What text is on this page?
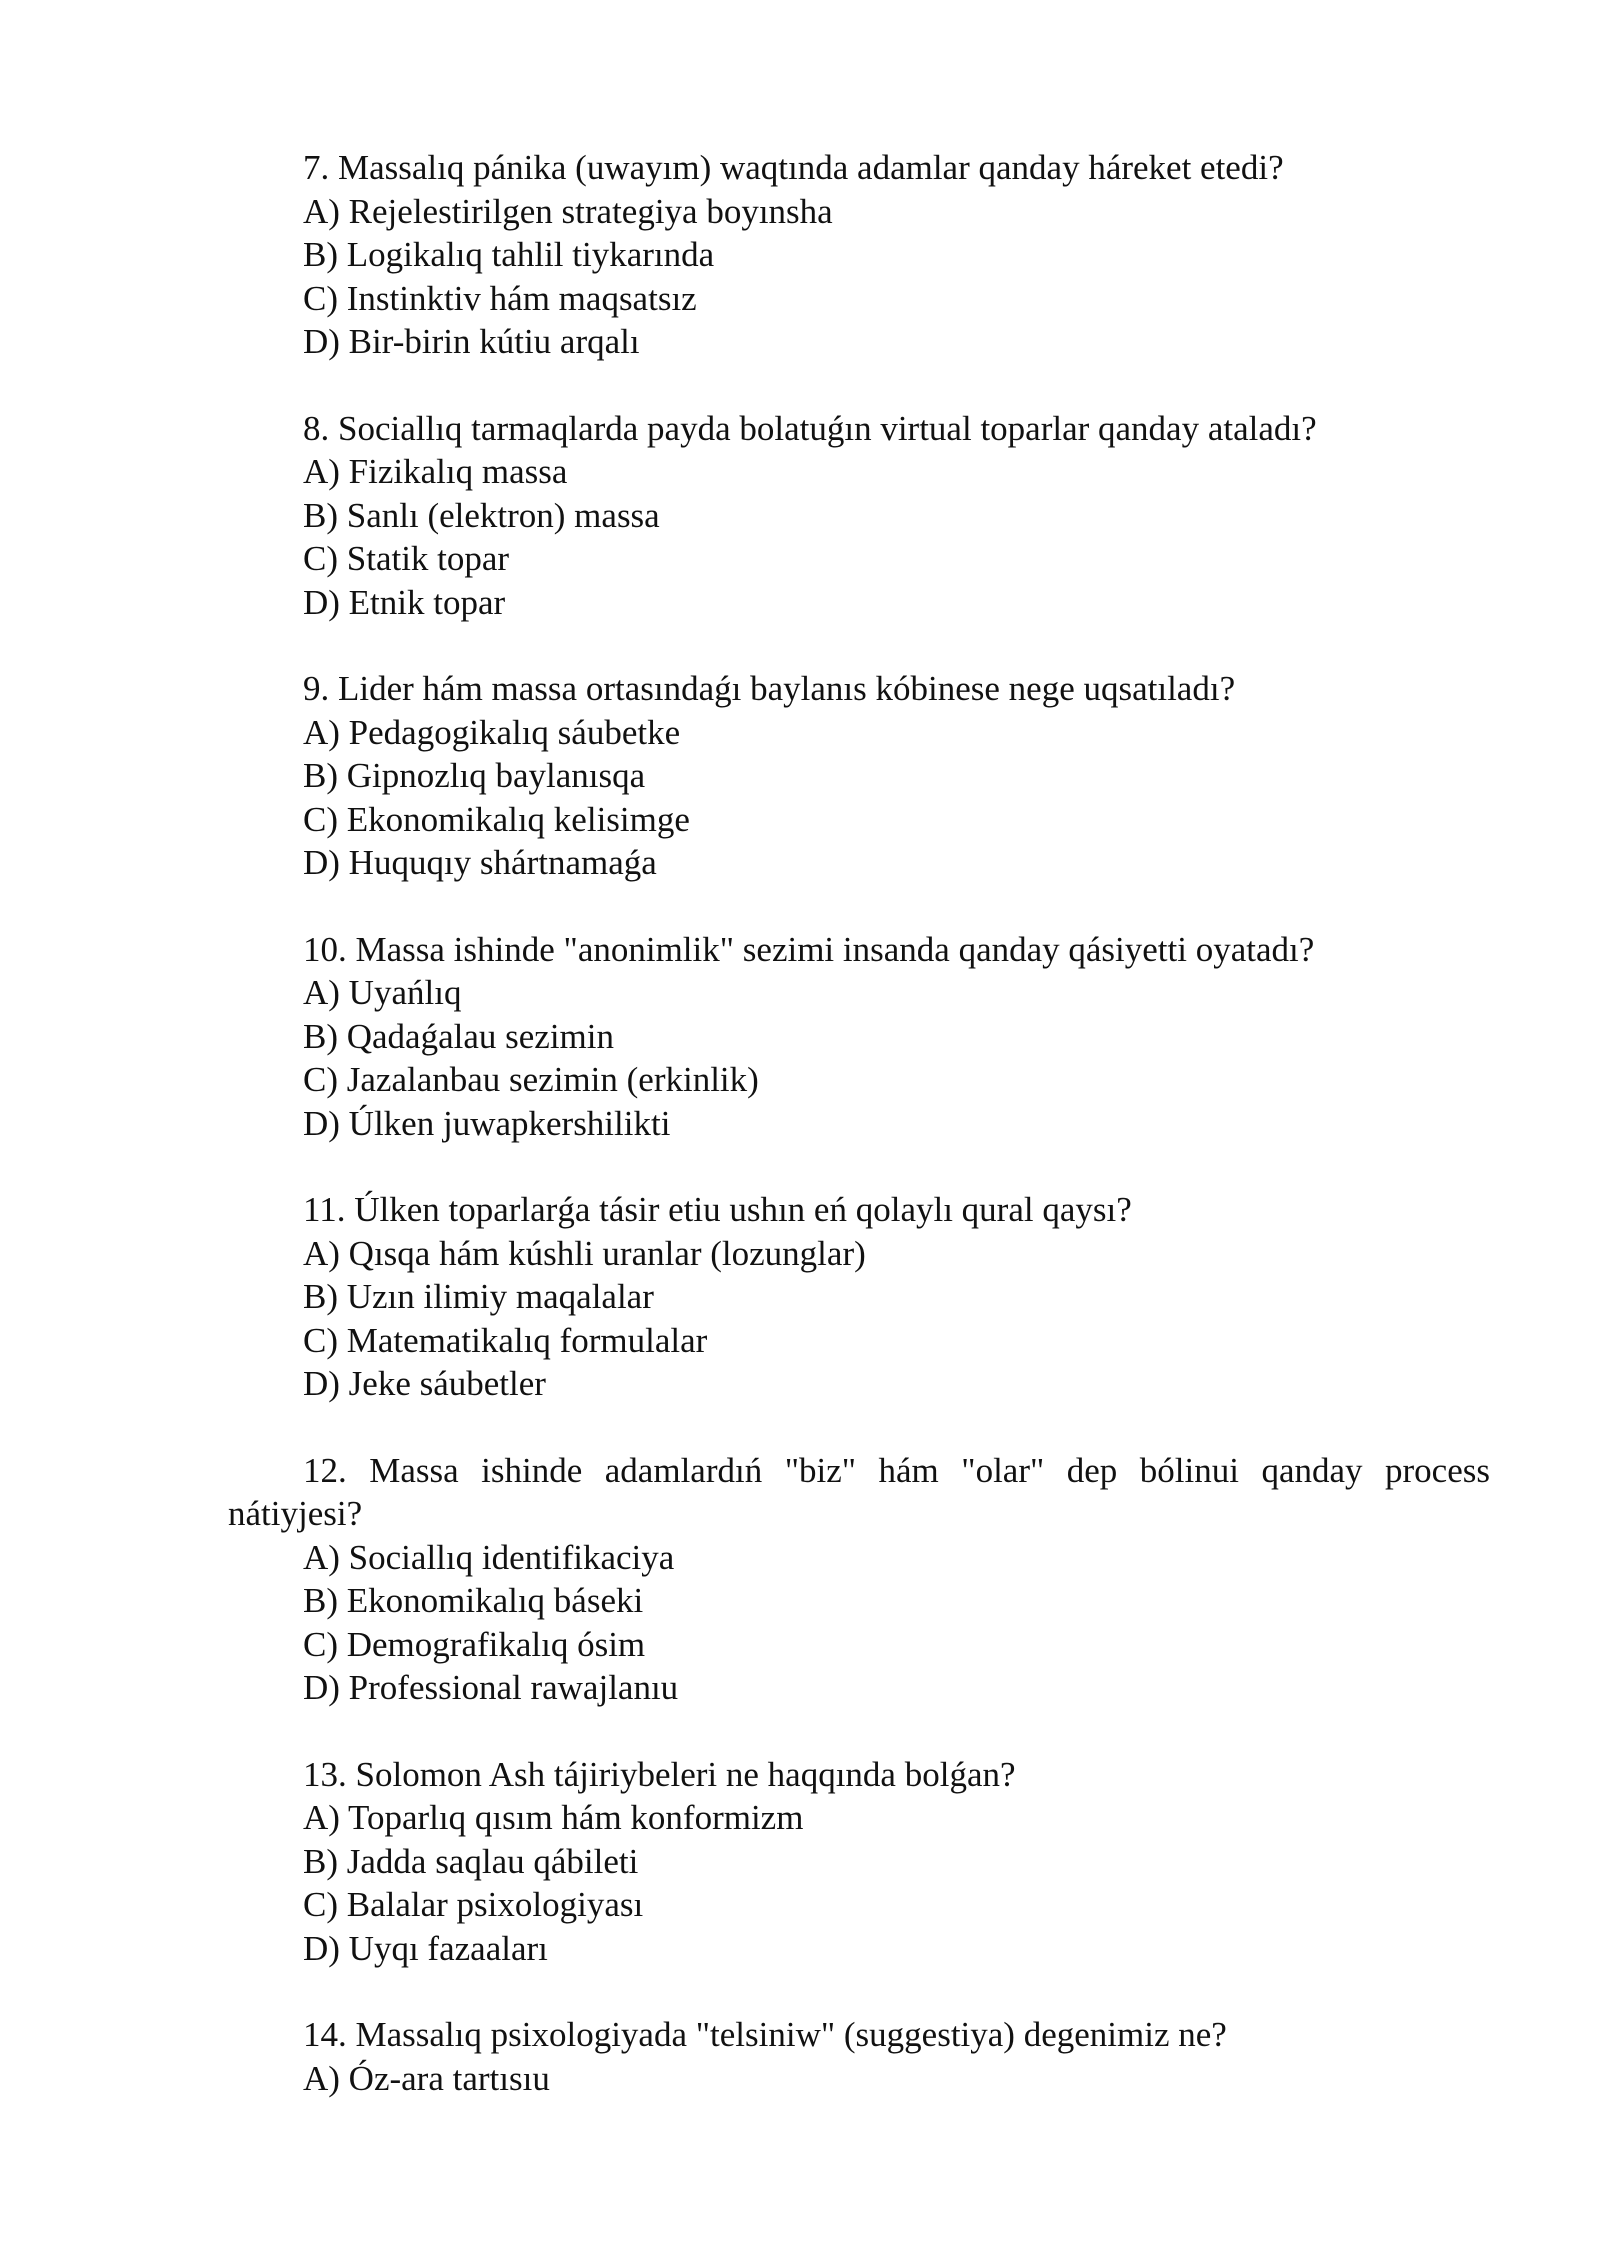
7. Massalıq pánika (uwayım) waqtında adamlar qanday háreket etedi?

A) Rejelestirilgen strategiya boyınsha

B) Logikalıq tahlil tiykarında

C) Instinktiv hám maqsatsız

D) Bir-birin kútiu arqalı

8. Sociallıq tarmaqlarda payda bolatuǵın virtual toparlar qanday ataladı?

A) Fizikalıq massa

B) Sanlı (elektron) massa

C) Statik topar

D) Etnik topar

9. Lider hám massa ortasındaǵı baylanıs kóbinese nege uqsatıladı?

A) Pedagogikalıq sáubetke

B) Gipnozlıq baylanısqa

C) Ekonomikalıq kelisimge

D) Huquqıy shártnamaǵa

10. Massa ishinde "anonimlik" sezimi insanda qanday qásiyetti oyatadı?

A) Uyańlıq

B) Qadaǵalau sezimin

C) Jazalanbau sezimin (erkinlik)

D) Úlken juwapkershilikti

11. Úlken toparlarǵa tásir etiu ushın eń qolaylı qural qaysı?

A) Qısqa hám kúshli uranlar (lozunglar)

B) Uzın ilimiy maqalalar

C) Matematikalıq formulalar

D) Jeke sáubetler

12. Massa ishinde adamlardıń "biz" hám "olar" dep bólinui qanday process nátiyjesi?

A) Sociallıq identifikaciya

B) Ekonomikalıq báseki

C) Demografikalıq ósim

D) Professional rawajlanıu

13. Solomon Ash tájiriybeleri ne haqqında bolǵan?

A) Toparlıq qısım hám konformizm

B) Jadda saqlau qábileti

C) Balalar psixologiyası

D) Uyqı fazaaları

14. Massalıq psixologiyada "telsiniw" (suggestiya) degenimiz ne?

A) Óz-ara tartısıu
